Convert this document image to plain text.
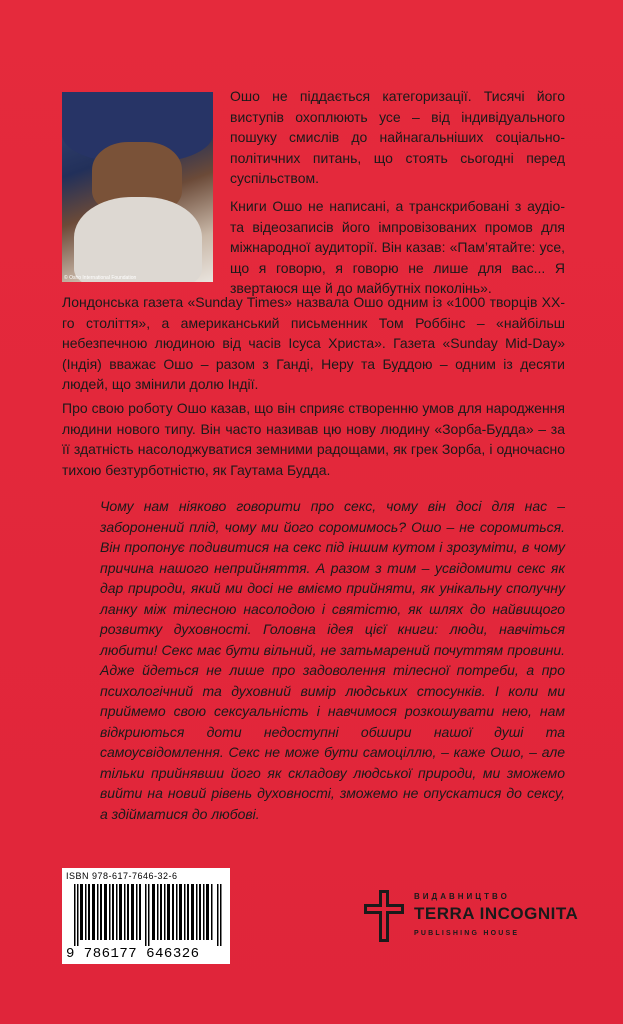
© Osho International Foundation
Ошо не піддається категоризації. Тисячі його виступів охоплюють усе – від індивідуального пошуку смислів до найнагальніших соціально-політичних питань, що стоять сьогодні перед суспільством.
Книги Ошо не написані, а транскрибовані з аудіо- та відеозаписів його імпровізованих промов для міжнародної аудиторії. Він казав: «Пам’ятайте: усе, що я говорю, я говорю не лише для вас... Я звертаюся ще й до майбутніх поколінь».
Лондонська газета «Sunday Times» назвала Ошо одним із «1000 творців ХХ-го століття», а американський письменник Том Роббінс – «найбільш небезпечною людиною від часів Ісуса Христа». Газета «Sunday Mid-Day» (Індія) вважає Ошо – разом з Ганді, Неру та Буддою – одним із десяти людей, що змінили долю Індії.
Про свою роботу Ошо казав, що він сприяє створенню умов для народження людини нового типу. Він часто називав цю нову людину «Зорба-Будда» – за її здатність насолоджуватися земними радощами, як грек Зорба, і одночасно тихою безтурботністю, як Гаутама Будда.
Чому нам ніяково говорити про секс, чому він досі для нас – заборонений плід, чому ми його соромимось? Ошо – не соромиться. Він пропонує подивитися на секс під іншим кутом і зрозуміти, в чому причина нашого неприйняття. А разом з тим – усвідомити секс як дар природи, який ми досі не вміємо прийняти, як унікальну сполучну ланку між тілесною насолодою і святістю, як шлях до найвищого розвитку духовності. Головна ідея цієї книги: люди, навчіться любити! Секс має бути вільний, не затьмарений почуттям провини. Адже йдеться не лише про задоволення тілесної потреби, а про психологічний та духовний вимір людських стосунків. І коли ми приймемо свою сексуальність і навчимося розкошувати нею, нам відкриються доти недоступні обшири нашої душі та самоусвідомлення. Секс не може бути самоціллю, – каже Ошо, – але тільки прийнявши його як складову людської природи, ми зможемо вийти на новий рівень духовності, зможемо не опускатися до сексу, а здійматися до любові.
ISBN 978-617-7646-32-6
9 786177 646326
ВИДАВНИЦТВО
TERRA INCOGNITA
PUBLISHING HOUSE
